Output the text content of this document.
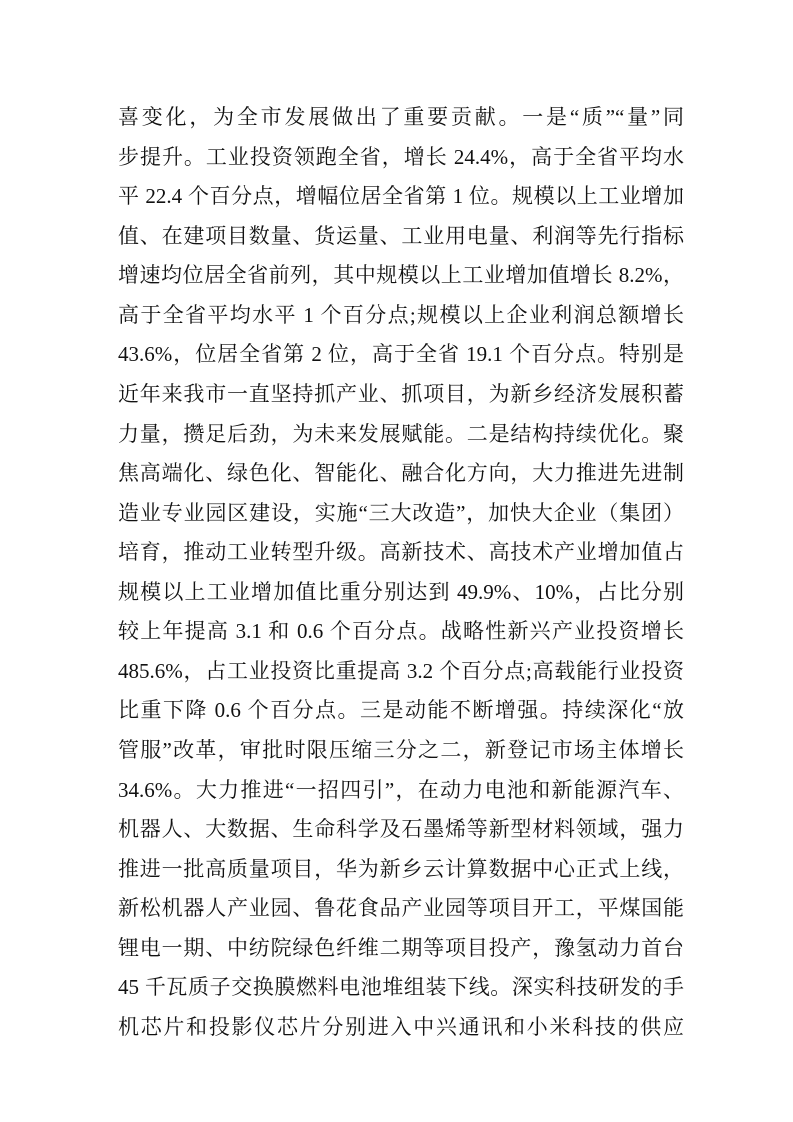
喜变化，为全市发展做出了重要贡献。一是“质”“量”同
步提升。工业投资领跑全省，增长 24.4%，高于全省平均水
平 22.4 个百分点，增幅位居全省第 1 位。规模以上工业增加
值、在建项目数量、货运量、工业用电量、利润等先行指标
增速均位居全省前列，其中规模以上工业增加值增长 8.2%，
高于全省平均水平 1 个百分点;规模以上企业利润总额增长
43.6%，位居全省第 2 位，高于全省 19.1 个百分点。特别是
近年来我市一直坚持抓产业、抓项目，为新乡经济发展积蓄
力量，攒足后劲，为未来发展赋能。二是结构持续优化。聚
焦高端化、绿色化、智能化、融合化方向，大力推进先进制
造业专业园区建设，实施“三大改造”，加快大企业（集团）
培育，推动工业转型升级。高新技术、高技术产业增加值占
规模以上工业增加值比重分别达到 49.9%、10%，占比分别
较上年提高 3.1 和 0.6 个百分点。战略性新兴产业投资增长
485.6%，占工业投资比重提高 3.2 个百分点;高载能行业投资
比重下降 0.6 个百分点。三是动能不断增强。持续深化“放
管服”改革，审批时限压缩三分之二，新登记市场主体增长
34.6%。大力推进“一招四引”，在动力电池和新能源汽车、
机器人、大数据、生命科学及石墨烯等新型材料领域，强力
推进一批高质量项目，华为新乡云计算数据中心正式上线，
新松机器人产业园、鲁花食品产业园等项目开工，平煤国能
锂电一期、中纺院绿色纤维二期等项目投产，豫氢动力首台
45 千瓦质子交换膜燃料电池堆组装下线。深实科技研发的手
机芯片和投影仪芯片分别进入中兴通讯和小米科技的供应
